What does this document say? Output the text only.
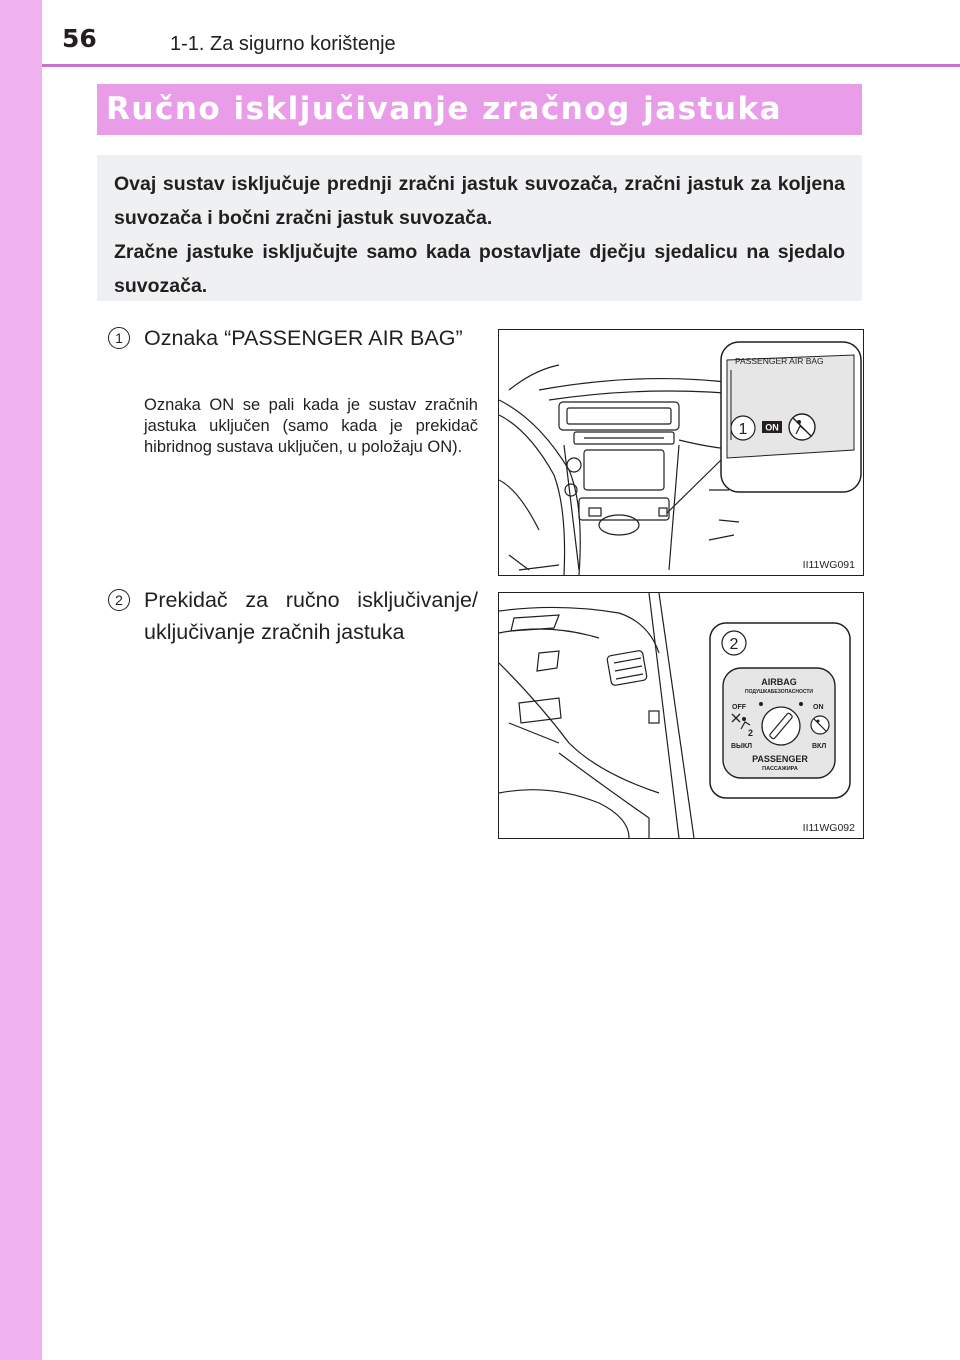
56	1-1. Za sigurno korištenje
Ručno isključivanje zračnog jastuka
Ovaj sustav isključuje prednji zračni jastuk suvozača, zračni jastuk za koljena suvozača i bočni zračni jastuk suvozača.
Zračne jastuke isključujte samo kada postavljate dječju sjedalicu na sjedalo suvozača.
1 Oznaka “PASSENGER AIR BAG”
Oznaka ON se pali kada je sustav zračnih jastuka uključen (samo kada je prekidač hibridnog sustava uključen, u položaju ON).
2 Prekidač za ručno isključivanje/ uključivanje zračnih jastuka
PASSENGER AIR BAG
1 ON
II11WG091
2
AIRBAG
ПОДУШКАБЕЗОПАСНОСТИ
OFF	ON
2
ВЫКЛ	ВКЛ
PASSENGER
ПАССАЖИРА
II11WG092
